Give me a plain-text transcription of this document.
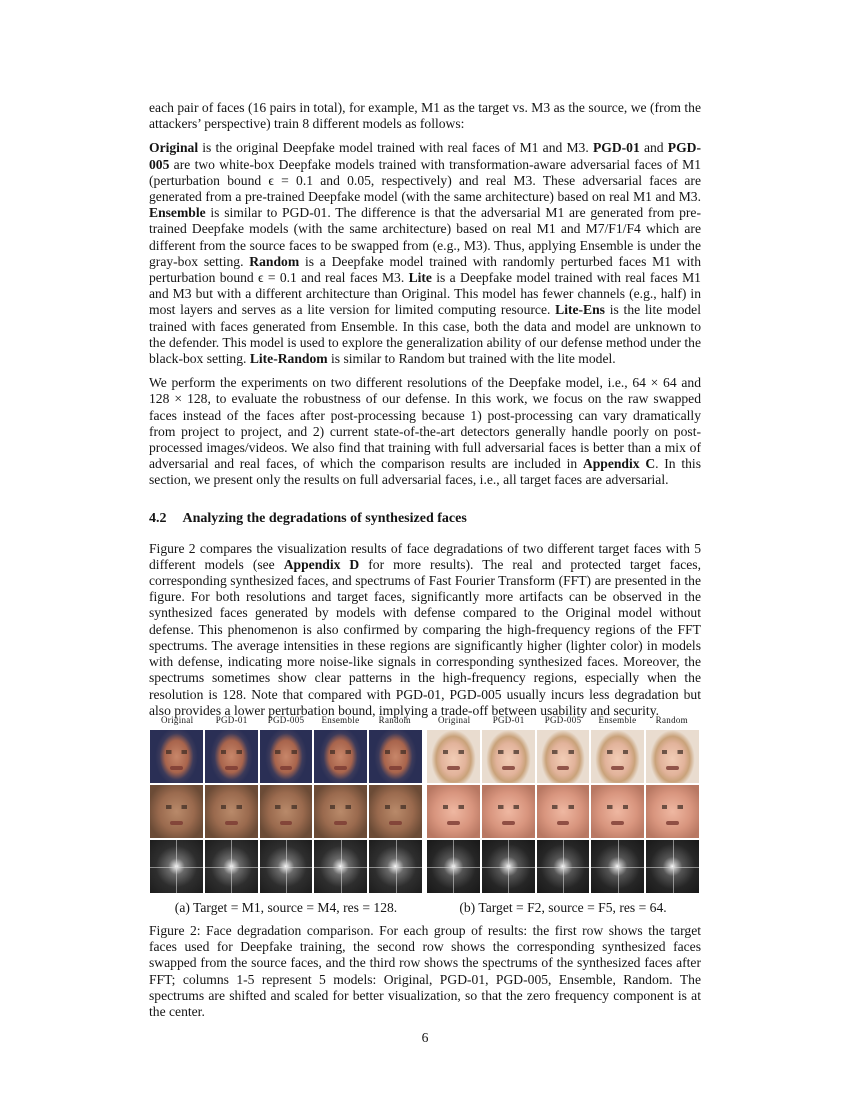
each pair of faces (16 pairs in total), for example, M1 as the target vs. M3 as the source, we (from the attackers’ perspective) train 8 different models as follows:

Original is the original Deepfake model trained with real faces of M1 and M3. PGD-01 and PGD-005 are two white-box Deepfake models trained with transformation-aware adversarial faces of M1 (perturbation bound ϵ = 0.1 and 0.05, respectively) and real M3. These adversarial faces are generated from a pre-trained Deepfake model (with the same architecture) based on real M1 and M3. Ensemble is similar to PGD-01. The difference is that the adversarial M1 are generated from pre-trained Deepfake models (with the same architecture) based on real M1 and M7/F1/F4 which are different from the source faces to be swapped from (e.g., M3). Thus, applying Ensemble is under the gray-box setting. Random is a Deepfake model trained with randomly perturbed faces M1 with perturbation bound ϵ = 0.1 and real faces M3. Lite is a Deepfake model trained with real faces M1 and M3 but with a different architecture than Original. This model has fewer channels (e.g., half) in most layers and serves as a lite version for limited computing resource. Lite-Ens is the lite model trained with faces generated from Ensemble. In this case, both the data and model are unknown to the defender. This model is used to explore the generalization ability of our defense method under the black-box setting. Lite-Random is similar to Random but trained with the lite model.

We perform the experiments on two different resolutions of the Deepfake model, i.e., 64 × 64 and 128 × 128, to evaluate the robustness of our defense. In this work, we focus on the raw swapped faces instead of the faces after post-processing because 1) post-processing can vary dramatically from project to project, and 2) current state-of-the-art detectors generally handle poorly on post-processed images/videos. We also find that training with full adversarial faces is better than a mix of adversarial and real faces, of which the comparison results are included in Appendix C. In this section, we present only the results on full adversarial faces, i.e., all target faces are adversarial.

4.2 Analyzing the degradations of synthesized faces

Figure 2 compares the visualization results of face degradations of two different target faces with 5 different models (see Appendix D for more results). The real and protected target faces, corresponding synthesized faces, and spectrums of Fast Fourier Transform (FFT) are presented in the figure. For both resolutions and target faces, significantly more artifacts can be observed in the synthesized faces generated by models with defense compared to the Original model without defense. This phenomenon is also confirmed by comparing the high-frequency regions of the FFT spectrums. The average intensities in these regions are significantly higher (lighter color) in models with defense, indicating more noise-like signals in corresponding synthesized faces. Moreover, the spectrums sometimes show clear patterns in the high-frequency regions, especially when the resolution is 128. Note that compared with PGD-01, PGD-005 usually incurs less degradation but also provides a lower perturbation bound, implying a trade-off between usability and security.

Original	PGD-01	PGD-005	Ensemble	Random	Original	PGD-01	PGD-005	Ensemble	Random
(a) Target = M1, source = M4, res = 128.	(b) Target = F2, source = F5, res = 64.

Figure 2: Face degradation comparison. For each group of results: the first row shows the target faces used for Deepfake training, the second row shows the corresponding synthesized faces swapped from the source faces, and the third row shows the spectrums of the synthesized faces after FFT; columns 1-5 represent 5 models: Original, PGD-01, PGD-005, Ensemble, Random. The spectrums are shifted and scaled for better visualization, so that the zero frequency component is at the center.

6
